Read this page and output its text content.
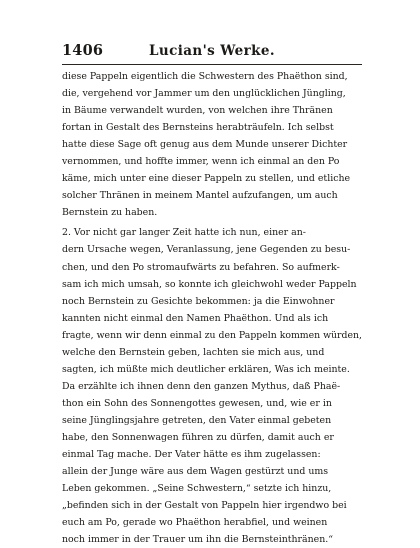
1406	Lucian's Werke.
diese Pappeln eigentlich die Schwestern des Phaëthon sind,
die, vergehend vor Jammer um den unglücklichen Jüngling,
in Bäume verwandelt wurden, von welchen ihre Thränen
fortan in Gestalt des Bernsteins herabträufeln. Ich selbst
hatte diese Sage oft genug aus dem Munde unserer Dichter
vernommen, und hoffte immer, wenn ich einmal an den Po
käme, mich unter eine dieser Pappeln zu stellen, und etliche
solcher Thränen in meinem Mantel aufzufangen, um auch
Bernstein zu haben.
2. Vor nicht gar langer Zeit hatte ich nun, einer an-
dern Ursache wegen, Veranlassung, jene Gegenden zu besu-
chen, und den Po stromaufwärts zu befahren. So aufmerk-
sam ich mich umsah, so konnte ich gleichwohl weder Pappeln
noch Bernstein zu Gesichte bekommen: ja die Einwohner
kannten nicht einmal den Namen Phaëthon. Und als ich
fragte, wenn wir denn einmal zu den Pappeln kommen würden,
welche den Bernstein geben, lachten sie mich aus, und
sagten, ich müßte mich deutlicher erklären, Was ich meinte.
Da erzählte ich ihnen denn den ganzen Mythus, daß Phaë-
thon ein Sohn des Sonnengottes gewesen, und, wie er in
seine Jünglingsjahre getreten, den Vater einmal gebeten
habe, den Sonnenwagen führen zu dürfen, damit auch er
einmal Tag mache. Der Vater hätte es ihm zugelassen:
allein der Junge wäre aus dem Wagen gestürzt und ums
Leben gekommen. „Seine Schwestern,“ setzte ich hinzu,
„befinden sich in der Gestalt von Pappeln hier irgendwo bei
euch am Po, gerade wo Phaëthon herabfiel, und weinen
noch immer in der Trauer um ihn die Bernsteinthränen.“
